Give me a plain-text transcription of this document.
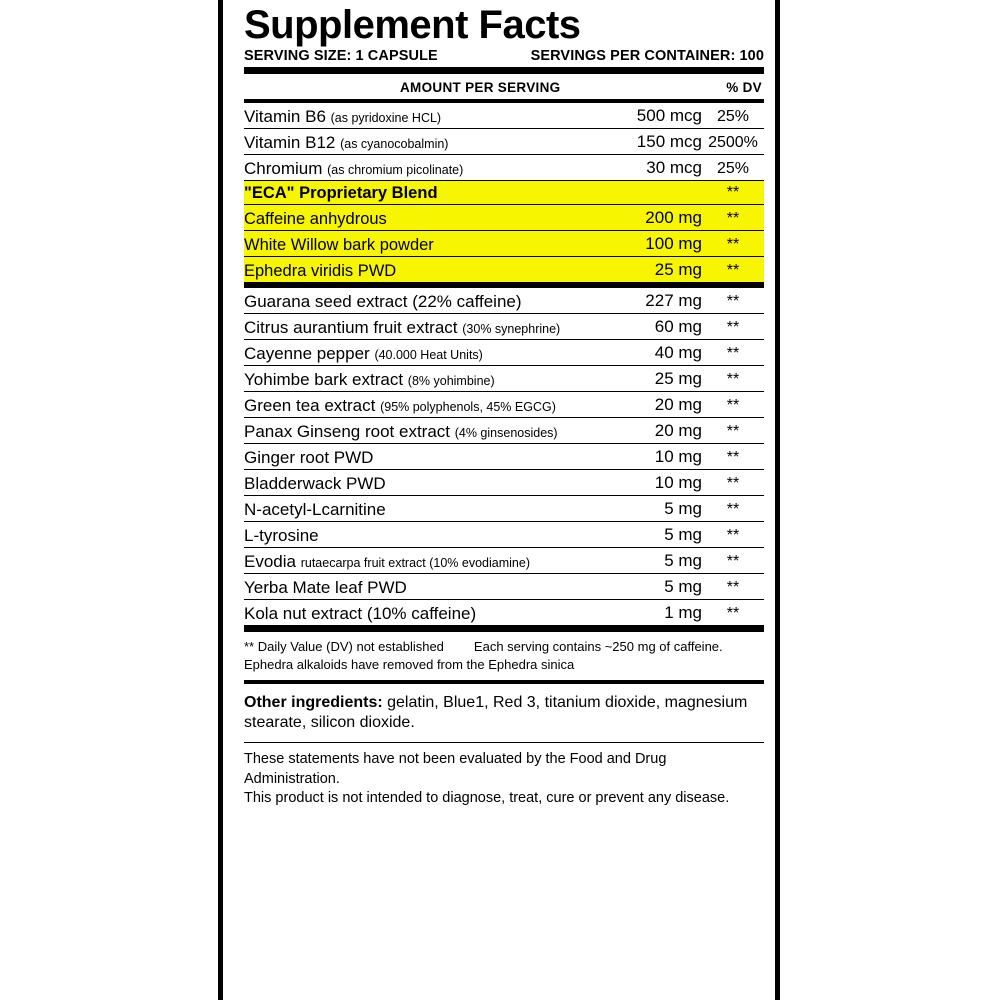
Supplement Facts
SERVING SIZE: 1 CAPSULE	SERVINGS PER CONTAINER: 100
AMOUNT PER SERVING	% DV
Vitamin B6 (as pyridoxine HCL)	500 mcg	25%
Vitamin B12 (as cyanocobalmin)	150 mcg	2500%
Chromium (as chromium picolinate)	30 mcg	25%
"ECA" Proprietary Blend		**
Caffeine anhydrous	200 mg	**
White Willow bark powder	100 mg	**
Ephedra viridis PWD	25 mg	**
Guarana seed extract (22% caffeine)	227 mg	**
Citrus aurantium fruit extract (30% synephrine)	60 mg	**
Cayenne pepper (40.000 Heat Units)	40 mg	**
Yohimbe bark extract (8% yohimbine)	25 mg	**
Green tea extract (95% polyphenols, 45% EGCG)	20 mg	**
Panax Ginseng root extract (4% ginsenosides)	20 mg	**
Ginger root PWD	10 mg	**
Bladderwack PWD	10 mg	**
N-acetyl-Lcarnitine	5 mg	**
L-tyrosine	5 mg	**
Evodia rutaecarpa fruit extract (10% evodiamine)	5 mg	**
Yerba Mate leaf PWD	5 mg	**
Kola nut extract (10% caffeine)	1 mg	**
** Daily Value (DV) not established Each serving contains ~250 mg of caffeine.
Ephedra alkaloids have removed from the Ephedra sinica
Other ingredients: gelatin, Blue1, Red 3, titanium dioxide, magnesium stearate, silicon dioxide.
These statements have not been evaluated by the Food and Drug Administration.
This product is not intended to diagnose, treat, cure or prevent any disease.
